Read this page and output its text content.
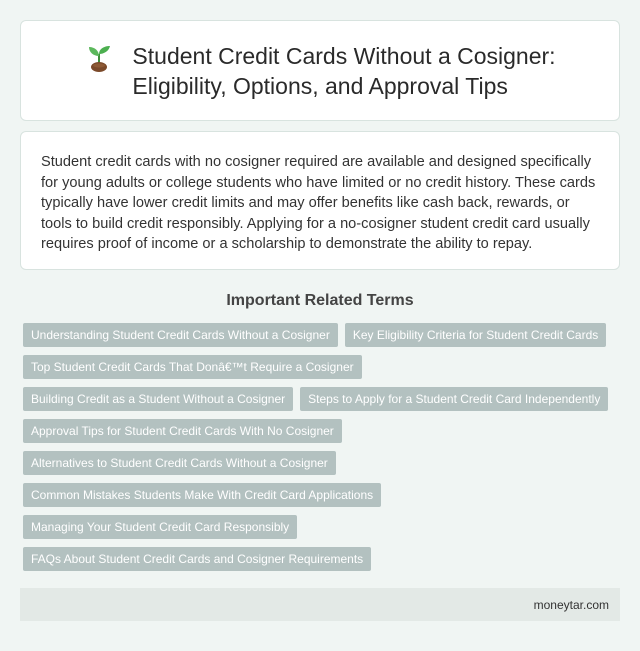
Student Credit Cards Without a Cosigner:
Eligibility, Options, and Approval Tips

Student credit cards with no cosigner required are available and designed specifically for young adults or college students who have limited or no credit history. These cards typically have lower credit limits and may offer benefits like cash back, rewards, or tools to build credit responsibly. Applying for a no-cosigner student credit card usually requires proof of income or a scholarship to demonstrate the ability to repay.

Important Related Terms
Understanding Student Credit Cards Without a Cosigner	Key Eligibility Criteria for Student Credit Cards
Top Student Credit Cards That Donâ€™t Require a Cosigner
Building Credit as a Student Without a Cosigner	Steps to Apply for a Student Credit Card Independently
Approval Tips for Student Credit Cards With No Cosigner
Alternatives to Student Credit Cards Without a Cosigner
Common Mistakes Students Make With Credit Card Applications
Managing Your Student Credit Card Responsibly
FAQs About Student Credit Cards and Cosigner Requirements
moneytar.com
